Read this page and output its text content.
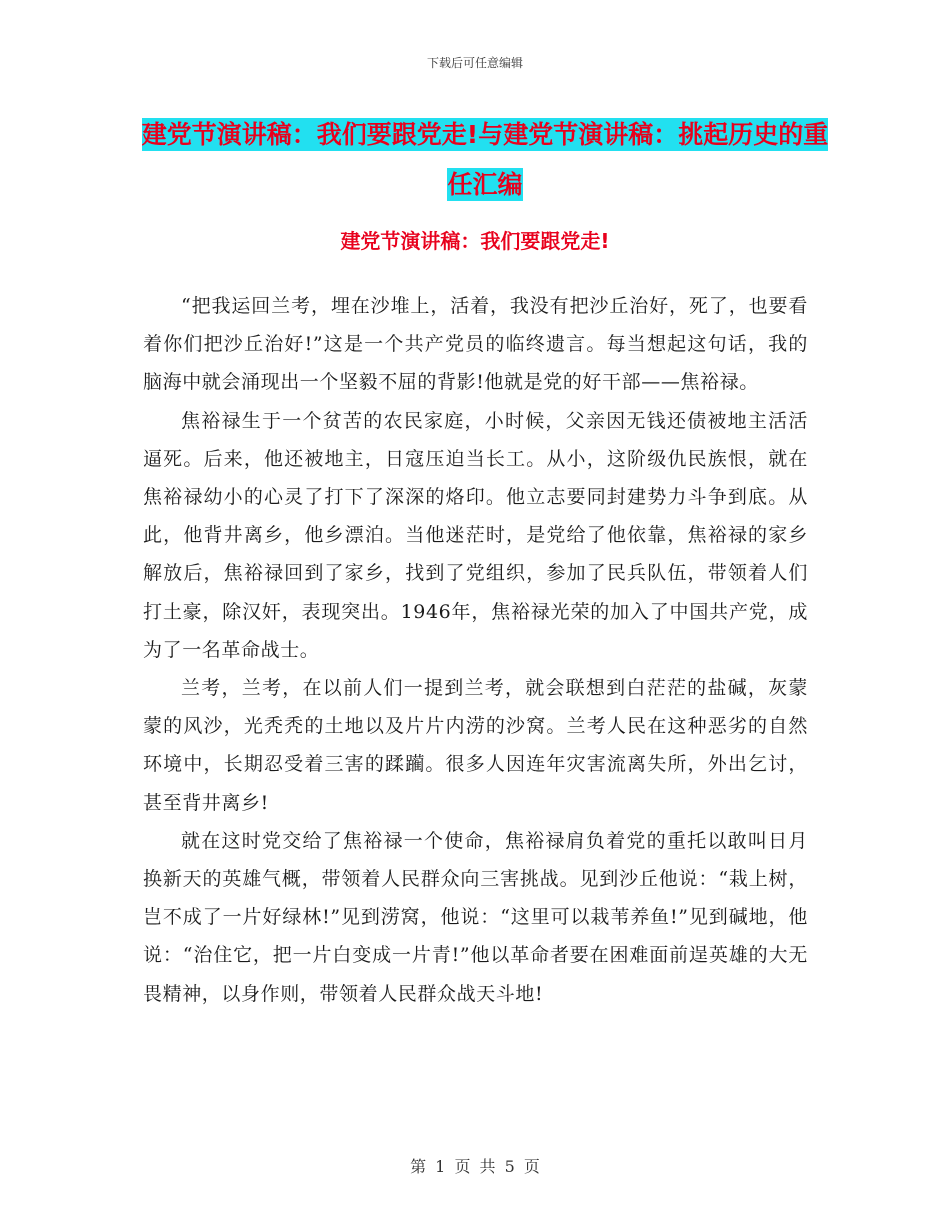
下载后可任意编辑
建党节演讲稿：我们要跟党走!与建党节演讲稿：挑起历史的重任汇编
建党节演讲稿：我们要跟党走!

“把我运回兰考，埋在沙堆上，活着，我没有把沙丘治好，死了，也要看着你们把沙丘治好!”这是一个共产党员的临终遗言。每当想起这句话，我的脑海中就会涌现出一个坚毅不屈的背影!他就是党的好干部——焦裕禄。

焦裕禄生于一个贫苦的农民家庭，小时候，父亲因无钱还债被地主活活逼死。后来，他还被地主，日寇压迫当长工。从小，这阶级仇民族恨，就在焦裕禄幼小的心灵了打下了深深的烙印。他立志要同封建势力斗争到底。从此，他背井离乡，他乡漂泊。当他迷茫时，是党给了他依靠，焦裕禄的家乡解放后，焦裕禄回到了家乡，找到了党组织，参加了民兵队伍，带领着人们打土豪，除汉奸，表现突出。1946年，焦裕禄光荣的加入了中国共产党，成为了一名革命战士。

兰考，兰考，在以前人们一提到兰考，就会联想到白茫茫的盐碱，灰蒙蒙的风沙，光秃秃的土地以及片片内涝的沙窝。兰考人民在这种恶劣的自然环境中，长期忍受着三害的蹂躏。很多人因连年灾害流离失所，外出乞讨，甚至背井离乡!

就在这时党交给了焦裕禄一个使命，焦裕禄肩负着党的重托以敢叫日月换新天的英雄气概，带领着人民群众向三害挑战。见到沙丘他说：“栽上树，岂不成了一片好绿林!”见到涝窝，他说：“这里可以栽苇养鱼!”见到碱地，他说：“治住它，把一片白变成一片青!”他以革命者要在困难面前逞英雄的大无畏精神，以身作则，带领着人民群众战天斗地!

第 1 页 共 5 页
